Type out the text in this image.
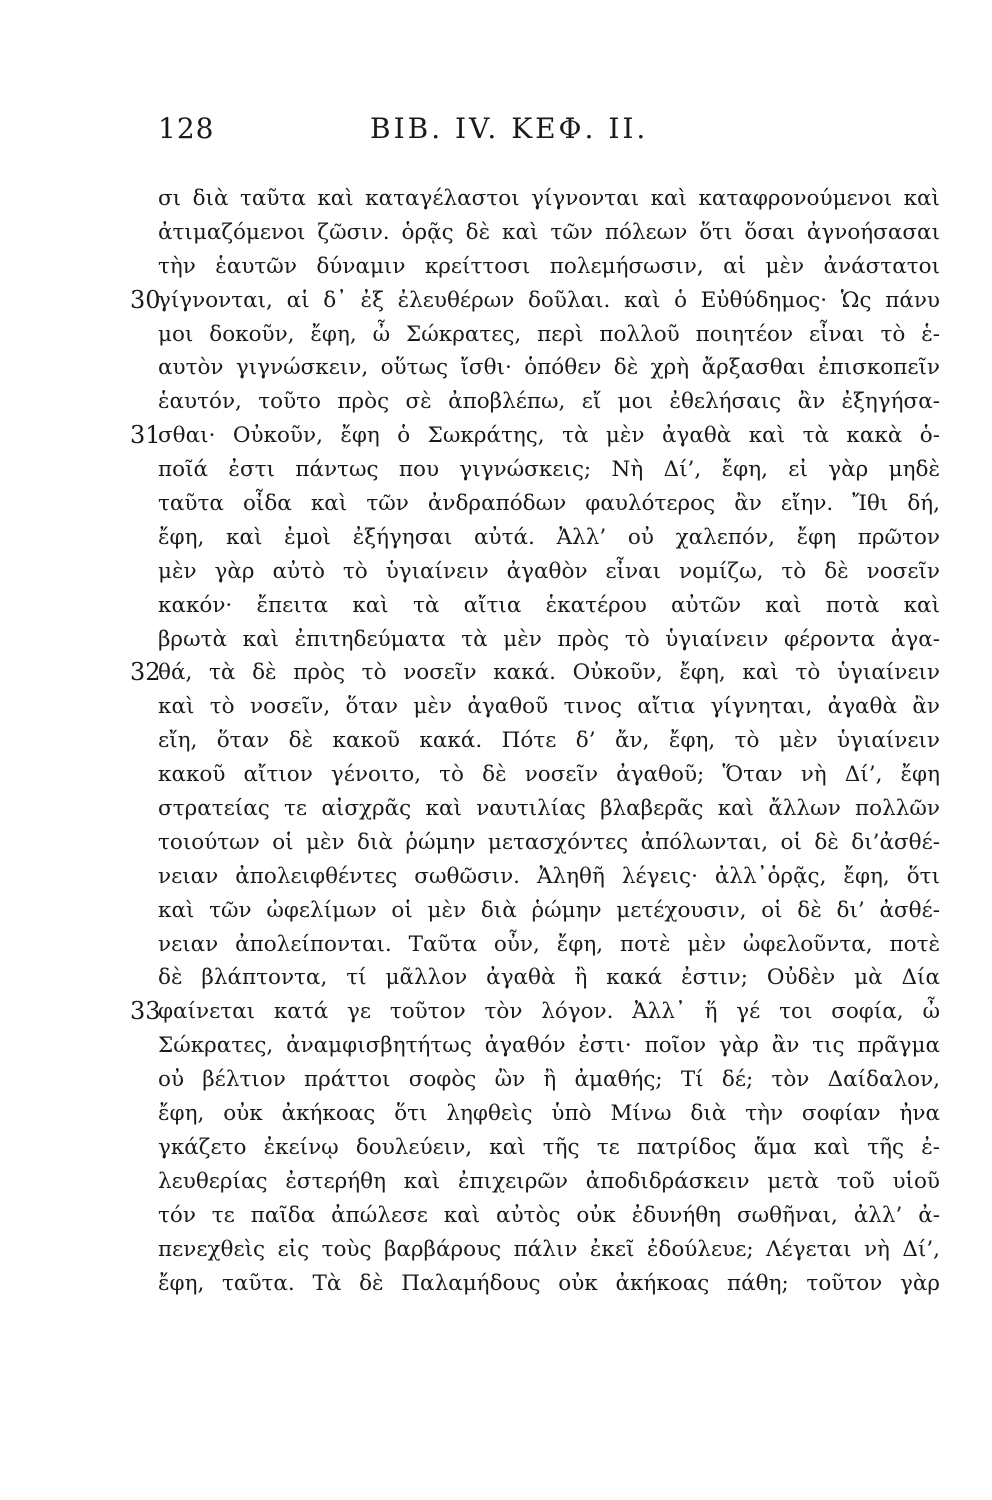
128	ΒΙΒ. IV. ΚΕΦ. II.
σι διὰ ταῦτα καὶ καταγέλαστοι γίγνονται καὶ καταφρονούμενοι καὶ
ἀτιμαζόμενοι ζῶσιν. ὁρᾷς δὲ καὶ τῶν πόλεων ὅτι ὅσαι ἀγνοήσασαι
τὴν ἑαυτῶν δύναμιν κρείττοσι πολεμήσωσιν, αἱ μὲν ἀνάστατοι
30
γίγνονται, αἱ δ᾽ ἐξ ἐλευθέρων δοῦλαι. καὶ ὁ Εὐθύδημος· Ὡς πάνυ
μοι δοκοῦν, ἔφη, ὦ Σώκρατες, περὶ πολλοῦ ποιητέον εἶναι τὸ ἑ-
αυτὸν γιγνώσκειν, οὕτως ἴσθι· ὁπόθεν δὲ χρὴ ἄρξασθαι ἐπισκοπεῖν
ἑαυτόν, τοῦτο πρὸς σὲ ἀποβλέπω, εἴ μοι ἐθελήσαις ἂν ἐξηγήσα-
31
σθαι· Οὐκοῦν, ἔφη ὁ Σωκράτης, τὰ μὲν ἀγαθὰ καὶ τὰ κακὰ ὁ-
ποῖά ἐστι πάντως που γιγνώσκεις; Νὴ Δί’, ἔφη, εἰ γὰρ μηδὲ
ταῦτα οἶδα καὶ τῶν ἀνδραπόδων φαυλότερος ἂν εἴην. Ἴθι δή,
ἔφη, καὶ ἐμοὶ ἐξήγησαι αὐτά. Ἀλλ’ οὐ χαλεπόν, ἔφη πρῶτον
μὲν γὰρ αὐτὸ τὸ ὑγιαίνειν ἀγαθὸν εἶναι νομίζω, τὸ δὲ νοσεῖν
κακόν· ἔπειτα καὶ τὰ αἴτια ἑκατέρου αὐτῶν καὶ ποτὰ καὶ
βρωτὰ καὶ ἐπιτηδεύματα τὰ μὲν πρὸς τὸ ὑγιαίνειν φέροντα ἀγα-
32
θά, τὰ δὲ πρὸς τὸ νοσεῖν κακά. Οὐκοῦν, ἔφη, καὶ τὸ ὑγιαίνειν
καὶ τὸ νοσεῖν, ὅταν μὲν ἀγαθοῦ τινος αἴτια γίγνηται, ἀγαθὰ ἂν
εἴη, ὅταν δὲ κακοῦ κακά. Πότε δ’ ἄν, ἔφη, τὸ μὲν ὑγιαίνειν
κακοῦ αἴτιον γένοιτο, τὸ δὲ νοσεῖν ἀγαθοῦ; Ὅταν νὴ Δί’, ἔφη
στρατείας τε αἰσχρᾶς καὶ ναυτιλίας βλαβερᾶς καὶ ἄλλων πολλῶν
τοιούτων οἱ μὲν διὰ ῥώμην μετασχόντες ἀπόλωνται, οἱ δὲ δι’ἀσθέ-
νειαν ἀπολειφθέντες σωθῶσιν. Ἀληθῆ λέγεις· ἀλλ᾽ὁρᾷς, ἔφη, ὅτι
καὶ τῶν ὠφελίμων οἱ μὲν διὰ ῥώμην μετέχουσιν, οἱ δὲ δι’ ἀσθέ-
νειαν ἀπολείπονται. Ταῦτα οὖν, ἔφη, ποτὲ μὲν ὠφελοῦντα, ποτὲ
δὲ βλάπτοντα, τί μᾶλλον ἀγαθὰ ἢ κακά ἐστιν; Οὐδὲν μὰ Δία
33
φαίνεται κατά γε τοῦτον τὸν λόγον. Ἀλλ᾽ ἥ γέ τοι σοφία, ὦ
Σώκρατες, ἀναμφισβητήτως ἀγαθόν ἐστι· ποῖον γὰρ ἂν τις πρᾶγμα
οὐ βέλτιον πράττοι σοφὸς ὢν ἢ ἀμαθής; Τί δέ; τὸν Δαίδαλον,
ἔφη, οὐκ ἀκήκοας ὅτι ληφθεὶς ὑπὸ Μίνω διὰ τὴν σοφίαν ἠνα
γκάζετο ἐκείνῳ δουλεύειν, καὶ τῆς τε πατρίδος ἅμα καὶ τῆς ἐ-
λευθερίας ἐστερήθη καὶ ἐπιχειρῶν ἀποδιδράσκειν μετὰ τοῦ υἱοῦ
τόν τε παῖδα ἀπώλεσε καὶ αὐτὸς οὐκ ἐδυνήθη σωθῆναι, ἀλλ’ ἀ-
πενεχθεὶς εἰς τοὺς βαρβάρους πάλιν ἐκεῖ ἐδούλευε; Λέγεται νὴ Δί’,
ἔφη, ταῦτα. Τὰ δὲ Παλαμήδους οὐκ ἀκήκοας πάθη; τοῦτον γὰρ
